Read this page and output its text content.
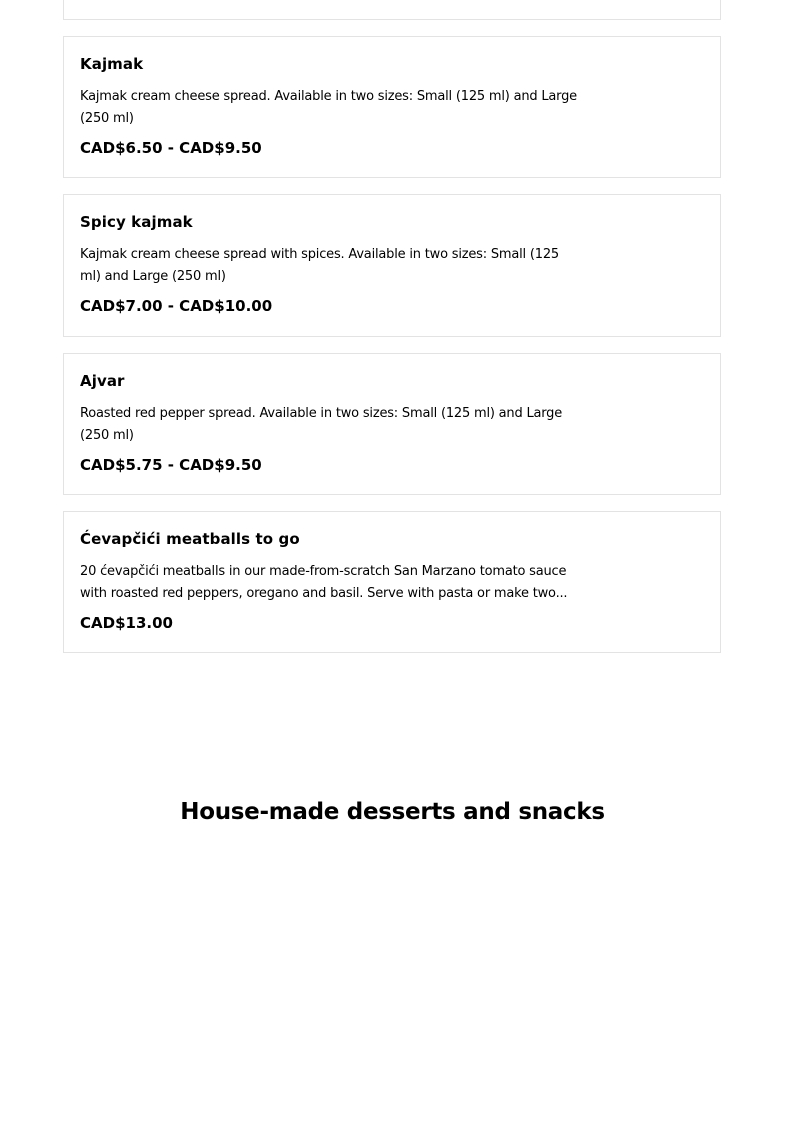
Kajmak
Kajmak cream cheese spread. Available in two sizes: Small (125 ml) and Large (250 ml)
CAD$6.50 - CAD$9.50
Spicy kajmak
Kajmak cream cheese spread with spices. Available in two sizes: Small (125 ml) and Large (250 ml)
CAD$7.00 - CAD$10.00
Ajvar
Roasted red pepper spread. Available in two sizes: Small (125 ml) and Large (250 ml)
CAD$5.75 - CAD$9.50
Ćevapčići meatballs to go
20 ćevapčići meatballs in our made-from-scratch San Marzano tomato sauce with roasted red peppers, oregano and basil. Serve with pasta or make two...
CAD$13.00
House-made desserts and snacks
